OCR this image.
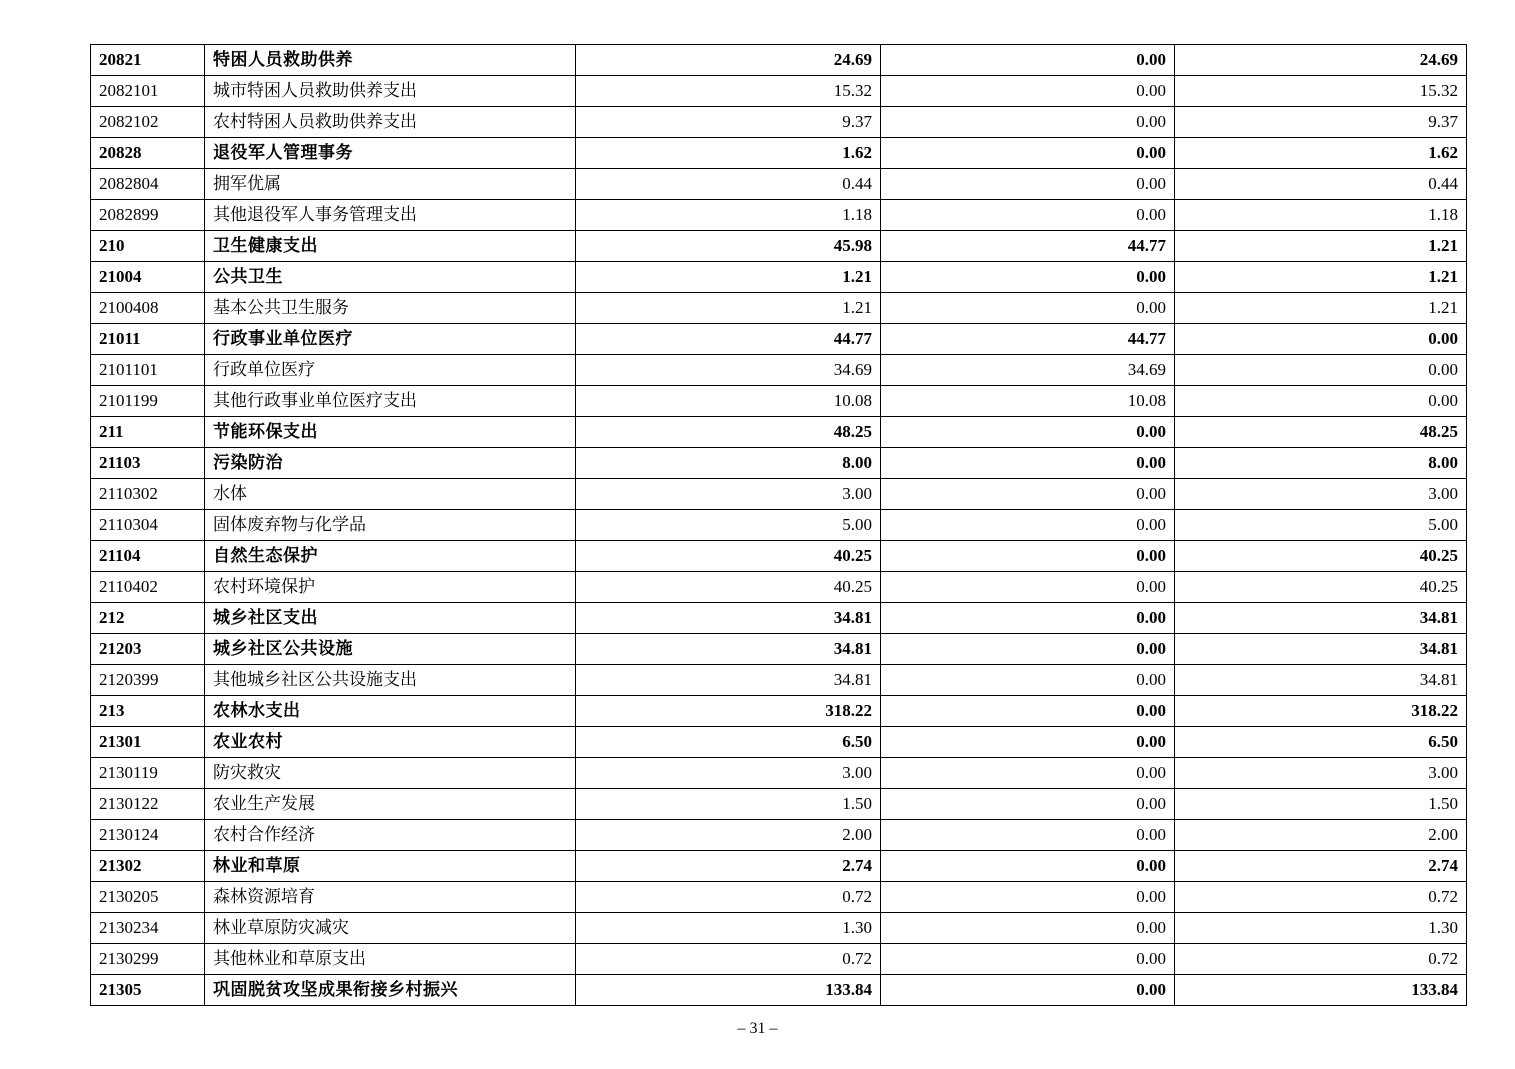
20821	特困人员救助供养	24.69	0.00	24.69
2082101	城市特困人员救助供养支出	15.32	0.00	15.32
2082102	农村特困人员救助供养支出	9.37	0.00	9.37
20828	退役军人管理事务	1.62	0.00	1.62
2082804	拥军优属	0.44	0.00	0.44
2082899	其他退役军人事务管理支出	1.18	0.00	1.18
210	卫生健康支出	45.98	44.77	1.21
21004	公共卫生	1.21	0.00	1.21
2100408	基本公共卫生服务	1.21	0.00	1.21
21011	行政事业单位医疗	44.77	44.77	0.00
2101101	行政单位医疗	34.69	34.69	0.00
2101199	其他行政事业单位医疗支出	10.08	10.08	0.00
211	节能环保支出	48.25	0.00	48.25
21103	污染防治	8.00	0.00	8.00
2110302	水体	3.00	0.00	3.00
2110304	固体废弃物与化学品	5.00	0.00	5.00
21104	自然生态保护	40.25	0.00	40.25
2110402	农村环境保护	40.25	0.00	40.25
212	城乡社区支出	34.81	0.00	34.81
21203	城乡社区公共设施	34.81	0.00	34.81
2120399	其他城乡社区公共设施支出	34.81	0.00	34.81
213	农林水支出	318.22	0.00	318.22
21301	农业农村	6.50	0.00	6.50
2130119	防灾救灾	3.00	0.00	3.00
2130122	农业生产发展	1.50	0.00	1.50
2130124	农村合作经济	2.00	0.00	2.00
21302	林业和草原	2.74	0.00	2.74
2130205	森林资源培育	0.72	0.00	0.72
2130234	林业草原防灾减灾	1.30	0.00	1.30
2130299	其他林业和草原支出	0.72	0.00	0.72
21305	巩固脱贫攻坚成果衔接乡村振兴	133.84	0.00	133.84
– 31 –
